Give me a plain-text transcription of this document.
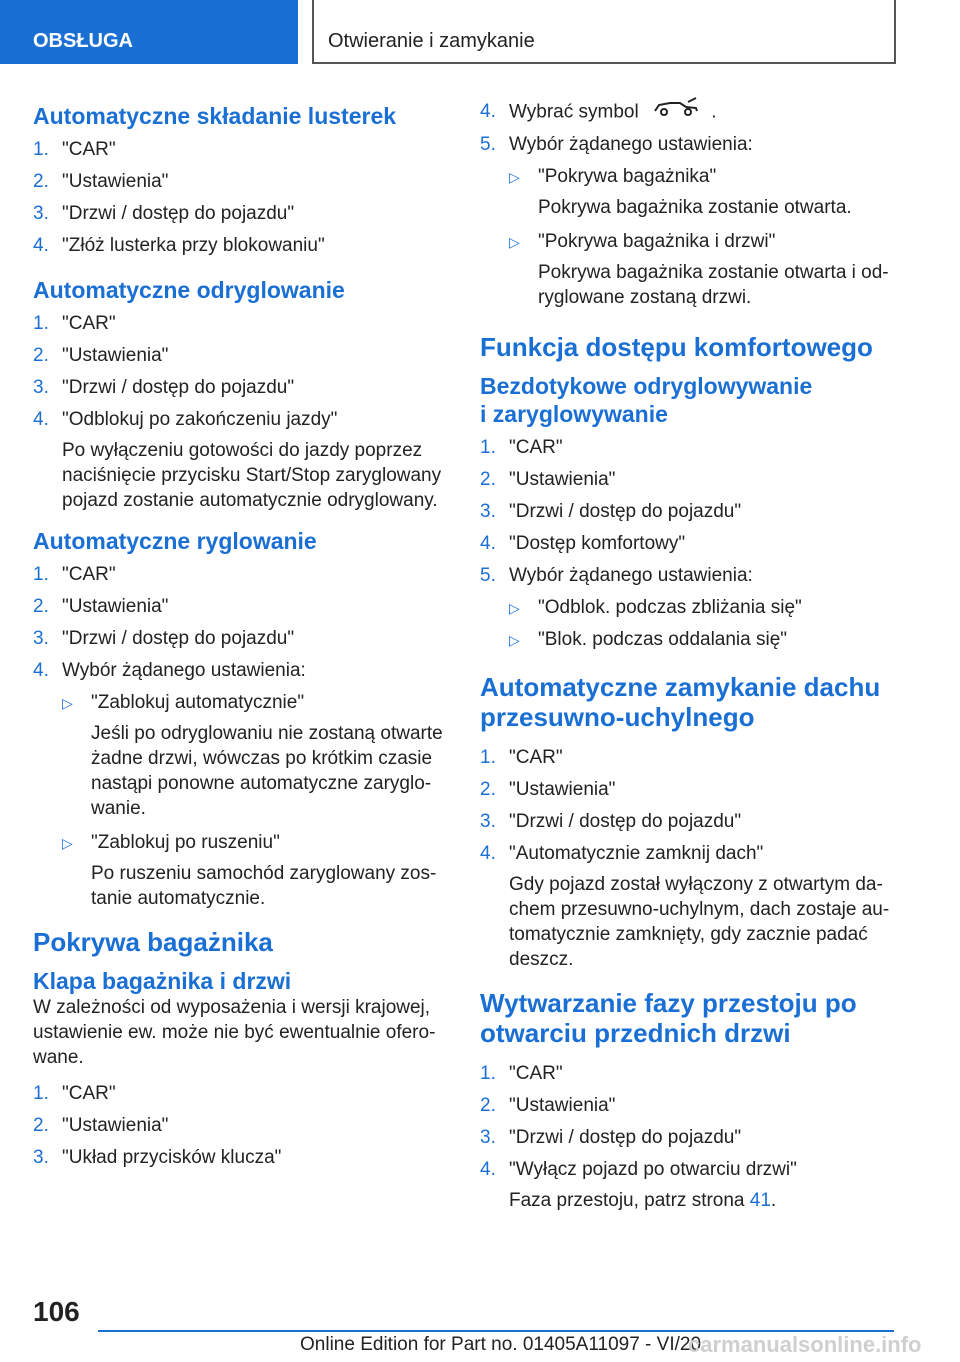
OBSŁUGA	Otwieranie i zamykanie
Automatyczne składanie lusterek
1. "CAR"
2. "Ustawienia"
3. "Drzwi / dostęp do pojazdu"
4. "Złóż lusterka przy blokowaniu"
Automatyczne odryglowanie
1. "CAR"
2. "Ustawienia"
3. "Drzwi / dostęp do pojazdu"
4. "Odblokuj po zakończeniu jazdy"
Po wyłączeniu gotowości do jazdy poprzez
naciśnięcie przycisku Start/Stop zaryglowany
pojazd zostanie automatycznie odryglowany.
Automatyczne ryglowanie
1. "CAR"
2. "Ustawienia"
3. "Drzwi / dostęp do pojazdu"
4. Wybór żądanego ustawienia:
▷ "Zablokuj automatycznie"
Jeśli po odryglowaniu nie zostaną otwarte
żadne drzwi, wówczas po krótkim czasie
nastąpi ponowne automatyczne zaryglo-
wanie.
▷ "Zablokuj po ruszeniu"
Po ruszeniu samochód zaryglowany zos-
tanie automatycznie.
Pokrywa bagażnika
Klapa bagażnika i drzwi
W zależności od wyposażenia i wersji krajowej,
ustawienie ew. może nie być ewentualnie ofero-
wane.
1. "CAR"
2. "Ustawienia"
3. "Układ przycisków klucza"
4. Wybrać symbol	.
5. Wybór żądanego ustawienia:
▷ "Pokrywa bagażnika"
Pokrywa bagażnika zostanie otwarta.
▷ "Pokrywa bagażnika i drzwi"
Pokrywa bagażnika zostanie otwarta i od-
ryglowane zostaną drzwi.
Funkcja dostępu komfortowego
Bezdotykowe odryglowywanie
i zaryglowywanie
1. "CAR"
2. "Ustawienia"
3. "Drzwi / dostęp do pojazdu"
4. "Dostęp komfortowy"
5. Wybór żądanego ustawienia:
▷ "Odblok. podczas zbliżania się"
▷ "Blok. podczas oddalania się"
Automatyczne zamykanie dachu
przesuwno-uchylnego
1. "CAR"
2. "Ustawienia"
3. "Drzwi / dostęp do pojazdu"
4. "Automatycznie zamknij dach"
Gdy pojazd został wyłączony z otwartym da-
chem przesuwno-uchylnym, dach zostaje au-
tomatycznie zamknięty, gdy zacznie padać
deszcz.
Wytwarzanie fazy przestoju po
otwarciu przednich drzwi
1. "CAR"
2. "Ustawienia"
3. "Drzwi / dostęp do pojazdu"
4. "Wyłącz pojazd po otwarciu drzwi"
Faza przestoju, patrz strona 41.
106
Online Edition for Part no. 01405A11097 - VI/20
carmanualsonline.info
